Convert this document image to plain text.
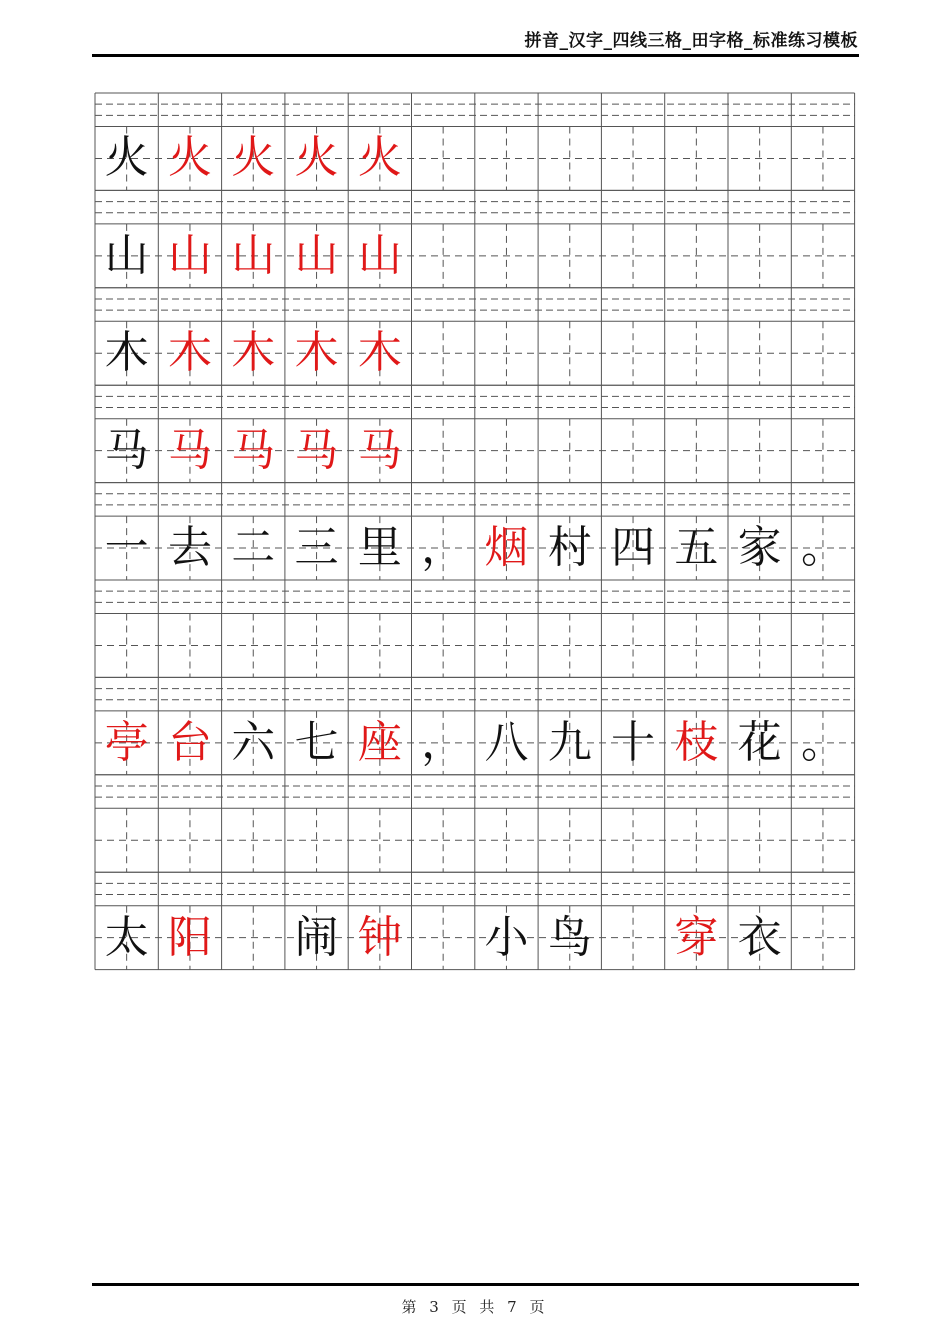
拼音_汉字_四线三格_田字格_标准练习模板
火 火 火 火 火
山 山 山 山 山
木 木 木 木 木
马 马 马 马 马
一 去 二 三 里 ， 烟 村 四 五 家 。
亭 台 六 七 座 ， 八 九 十 枝 花 。
太 阳 闹 钟 小 鸟 穿 衣
第 3 页 共 7 页
